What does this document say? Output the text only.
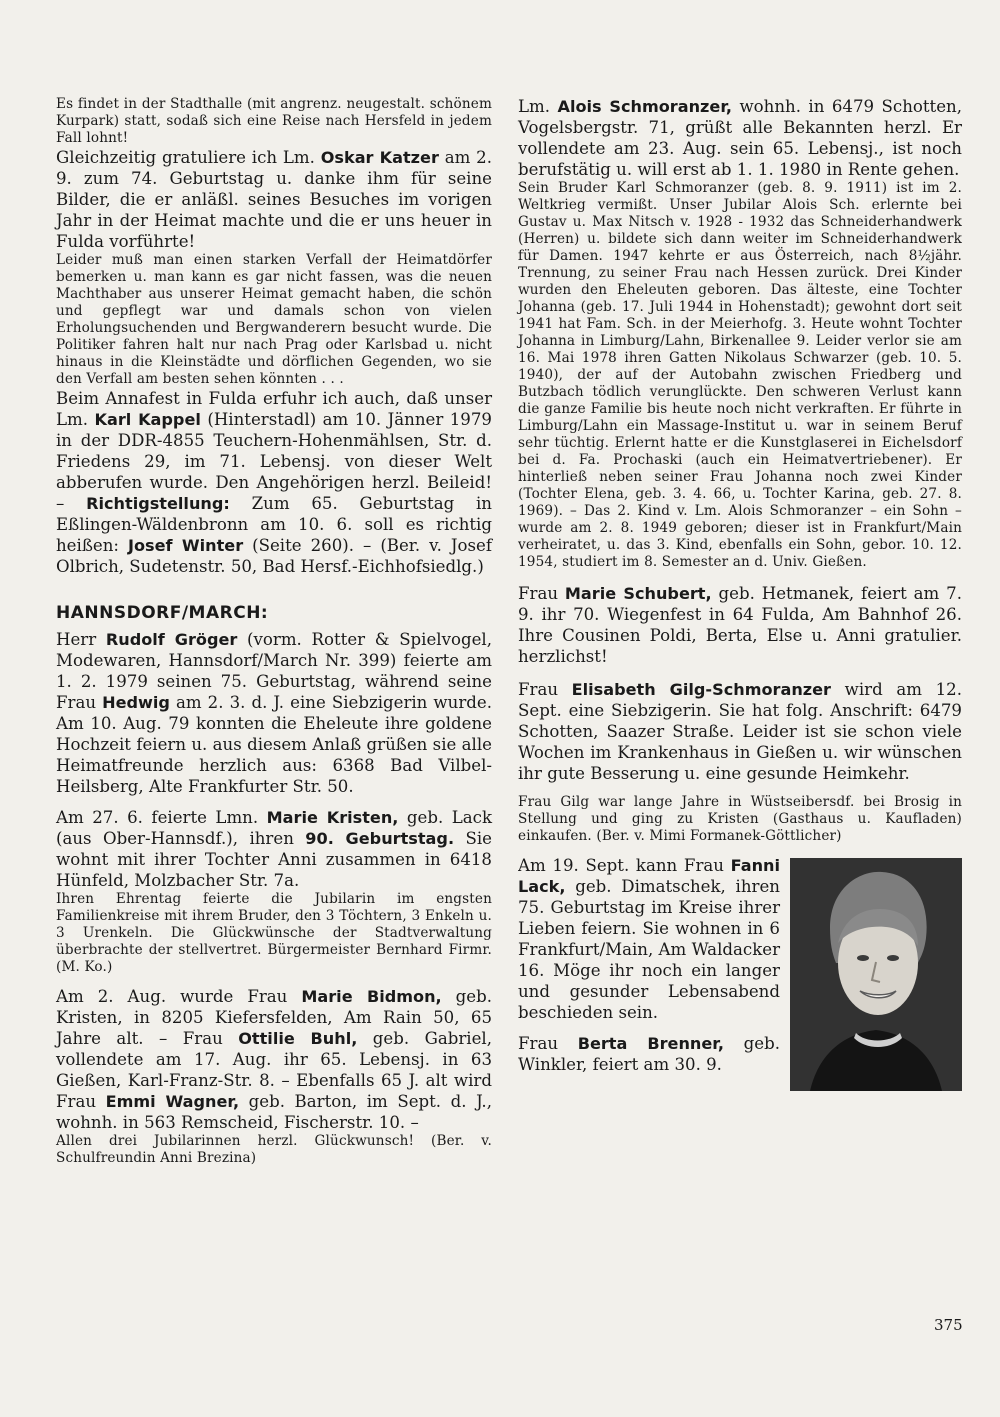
Es findet in der Stadthalle (mit angrenz. neugestalt. schönem Kurpark) statt, sodaß sich eine Reise nach Hersfeld in jedem Fall lohnt!

Gleichzeitig gratuliere ich Lm. Oskar Katzer am 2. 9. zum 74. Geburtstag u. danke ihm für seine Bilder, die er anläßl. seines Besuches im vorigen Jahr in der Heimat machte und die er uns heuer in Fulda vorführte!

Leider muß man einen starken Verfall der Heimatdörfer bemerken u. man kann es gar nicht fassen, was die neuen Machthaber aus unserer Heimat gemacht haben, die schön und gepflegt war und damals schon von vielen Erholungsuchenden und Bergwanderern besucht wurde. Die Politiker fahren halt nur nach Prag oder Karlsbad u. nicht hinaus in die Kleinstädte und dörflichen Gegenden, wo sie den Verfall am besten sehen könnten . . .

Beim Annafest in Fulda erfuhr ich auch, daß unser Lm. Karl Kappel (Hinterstadl) am 10. Jänner 1979 in der DDR-4855 Teuchern-Hohenmählsen, Str. d. Friedens 29, im 71. Lebensj. von dieser Welt abberufen wurde. Den Angehörigen herzl. Beileid! – Richtigstellung: Zum 65. Geburtstag in Eßlingen-Wäldenbronn am 10. 6. soll es richtig heißen: Josef Winter (Seite 260). – (Ber. v. Josef Olbrich, Sudetenstr. 50, Bad Hersf.-Eichhofsiedlg.)

HANNSDORF/MARCH:

Herr Rudolf Gröger (vorm. Rotter & Spielvogel, Modewaren, Hannsdorf/March Nr. 399) feierte am 1. 2. 1979 seinen 75. Geburtstag, während seine Frau Hedwig am 2. 3. d. J. eine Siebzigerin wurde. Am 10. Aug. 79 konnten die Eheleute ihre goldene Hochzeit feiern u. aus diesem Anlaß grüßen sie alle Heimatfreunde herzlich aus: 6368 Bad Vilbel-Heilsberg, Alte Frankfurter Str. 50.

Am 27. 6. feierte Lmn. Marie Kristen, geb. Lack (aus Ober-Hannsdf.), ihren 90. Geburtstag. Sie wohnt mit ihrer Tochter Anni zusammen in 6418 Hünfeld, Molzbacher Str. 7a.

Ihren Ehrentag feierte die Jubilarin im engsten Familienkreise mit ihrem Bruder, den 3 Töchtern, 3 Enkeln u. 3 Urenkeln. Die Glückwünsche der Stadtverwaltung überbrachte der stellvertret. Bürgermeister Bernhard Firmr. (M. Ko.)

Am 2. Aug. wurde Frau Marie Bidmon, geb. Kristen, in 8205 Kiefersfelden, Am Rain 50, 65 Jahre alt. – Frau Ottilie Buhl, geb. Gabriel, vollendete am 17. Aug. ihr 65. Lebensj. in 63 Gießen, Karl-Franz-Str. 8. – Ebenfalls 65 J. alt wird Frau Emmi Wagner, geb. Barton, im Sept. d. J., wohnh. in 563 Remscheid, Fischerstr. 10. –

Allen drei Jubilarinnen herzl. Glückwunsch! (Ber. v. Schulfreundin Anni Brezina)

Lm. Alois Schmoranzer, wohnh. in 6479 Schotten, Vogelsbergstr. 71, grüßt alle Bekannten herzl. Er vollendete am 23. Aug. sein 65. Lebensj., ist noch berufstätig u. will erst ab 1. 1. 1980 in Rente gehen.

Sein Bruder Karl Schmoranzer (geb. 8. 9. 1911) ist im 2. Weltkrieg vermißt. Unser Jubilar Alois Sch. erlernte bei Gustav u. Max Nitsch v. 1928 - 1932 das Schneiderhandwerk (Herren) u. bildete sich dann weiter im Schneiderhandwerk für Damen. 1947 kehrte er aus Österreich, nach 8½jähr. Trennung, zu seiner Frau nach Hessen zurück. Drei Kinder wurden den Eheleuten geboren. Das älteste, eine Tochter Johanna (geb. 17. Juli 1944 in Hohenstadt); gewohnt dort seit 1941 hat Fam. Sch. in der Meierhofg. 3. Heute wohnt Tochter Johanna in Limburg/Lahn, Birkenallee 9. Leider verlor sie am 16. Mai 1978 ihren Gatten Nikolaus Schwarzer (geb. 10. 5. 1940), der auf der Autobahn zwischen Friedberg und Butzbach tödlich verunglückte. Den schweren Verlust kann die ganze Familie bis heute noch nicht verkraften. Er führte in Limburg/Lahn ein Massage-Institut u. war in seinem Beruf sehr tüchtig. Erlernt hatte er die Kunstglaserei in Eichelsdorf bei d. Fa. Prochaski (auch ein Heimatvertriebener). Er hinterließ neben seiner Frau Johanna noch zwei Kinder (Tochter Elena, geb. 3. 4. 66, u. Tochter Karina, geb. 27. 8. 1969). – Das 2. Kind v. Lm. Alois Schmoranzer – ein Sohn – wurde am 2. 8. 1949 geboren; dieser ist in Frankfurt/Main verheiratet, u. das 3. Kind, ebenfalls ein Sohn, gebor. 10. 12. 1954, studiert im 8. Semester an d. Univ. Gießen.

Frau Marie Schubert, geb. Hetmanek, feiert am 7. 9. ihr 70. Wiegenfest in 64 Fulda, Am Bahnhof 26. Ihre Cousinen Poldi, Berta, Else u. Anni gratulier. herzlichst!

Frau Elisabeth Gilg-Schmoranzer wird am 12. Sept. eine Siebzigerin. Sie hat folg. Anschrift: 6479 Schotten, Saazer Straße. Leider ist sie schon viele Wochen im Krankenhaus in Gießen u. wir wünschen ihr gute Besserung u. eine gesunde Heimkehr.

Frau Gilg war lange Jahre in Wüstseibersdf. bei Brosig in Stellung und ging zu Kristen (Gasthaus u. Kaufladen) einkaufen. (Ber. v. Mimi Formanek-Göttlicher)

Am 19. Sept. kann Frau Fanni Lack, geb. Dimatschek, ihren 75. Geburtstag im Kreise ihrer Lieben feiern. Sie wohnen in 6 Frankfurt/Main, Am Waldacker 16. Möge ihr noch ein langer und gesunder Lebensabend beschieden sein.

Frau Berta Brenner, geb. Winkler, feiert am 30. 9.

375
